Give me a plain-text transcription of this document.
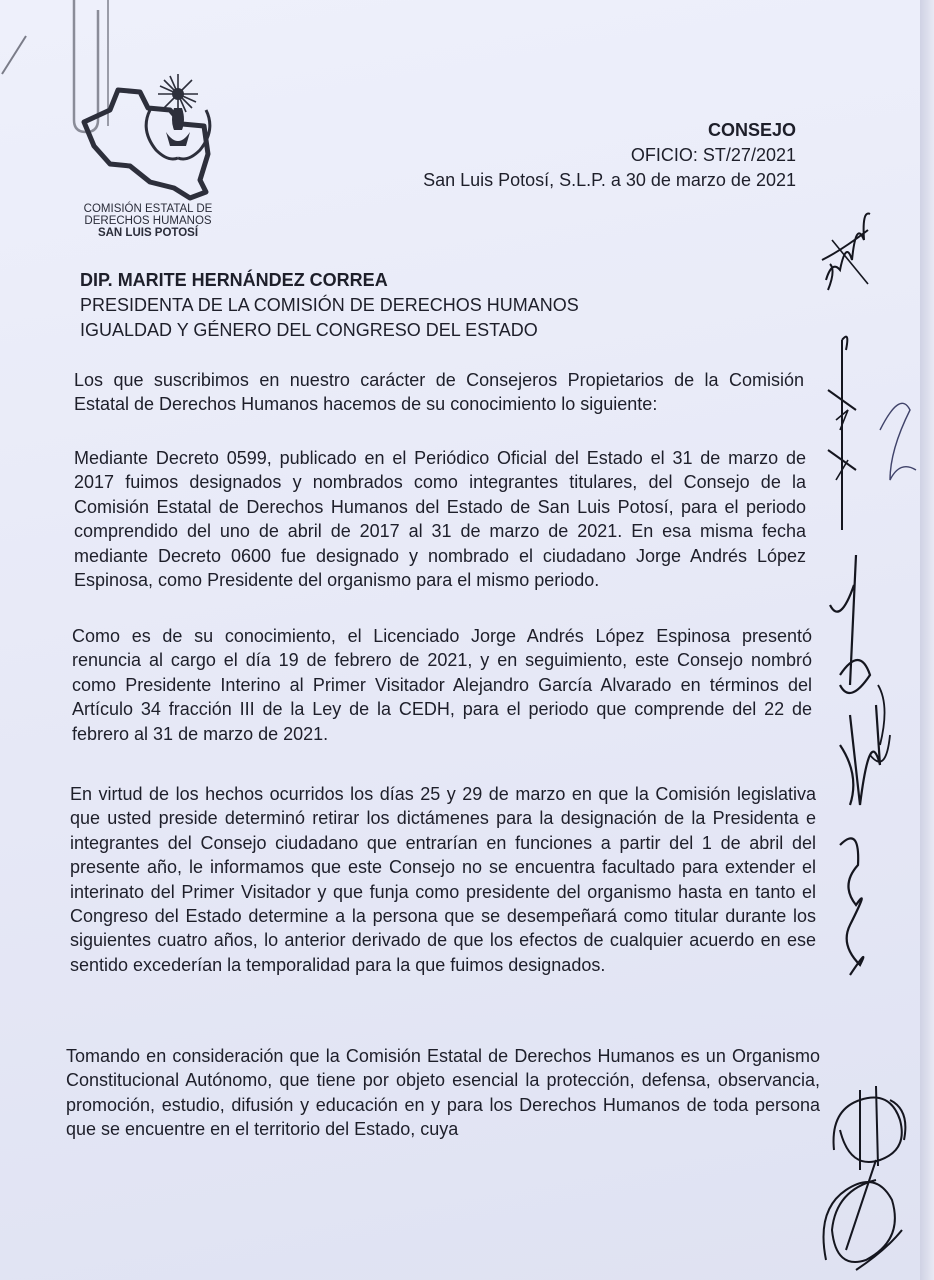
COMISIÓN ESTATAL DE
DERECHOS HUMANOS
SAN LUIS POTOSÍ

CONSEJO
OFICIO: ST/27/2021
San Luis Potosí, S.L.P. a 30 de marzo de 2021
DIP. MARITE HERNÁNDEZ CORREA
PRESIDENTA DE LA COMISIÓN DE DERECHOS HUMANOS
IGUALDAD Y GÉNERO DEL CONGRESO DEL ESTADO
Los que suscribimos en nuestro carácter de Consejeros Propietarios de la Comisión Estatal de Derechos Humanos hacemos de su conocimiento lo siguiente:
Mediante Decreto 0599, publicado en el Periódico Oficial del Estado el 31 de marzo de 2017 fuimos designados y nombrados como integrantes titulares, del Consejo de la Comisión Estatal de Derechos Humanos del Estado de San Luis Potosí, para el periodo comprendido del uno de abril de 2017 al 31 de marzo de 2021. En esa misma fecha mediante Decreto 0600 fue designado y nombrado el ciudadano Jorge Andrés López Espinosa, como Presidente del organismo para el mismo periodo.
Como es de su conocimiento, el Licenciado Jorge Andrés López Espinosa presentó renuncia al cargo el día 19 de febrero de 2021, y en seguimiento, este Consejo nombró como Presidente Interino al Primer Visitador Alejandro García Alvarado en términos del Artículo 34 fracción III de la Ley de la CEDH, para el periodo que comprende del 22 de febrero al 31 de marzo de 2021.
En virtud de los hechos ocurridos los días 25 y 29 de marzo en que la Comisión legislativa que usted preside determinó retirar los dictámenes para la designación de la Presidenta e integrantes del Consejo ciudadano que entrarían en funciones a partir del 1 de abril del presente año, le informamos que este Consejo no se encuentra facultado para extender el interinato del Primer Visitador y que funja como presidente del organismo hasta en tanto el Congreso del Estado determine a la persona que se desempeñará como titular durante los siguientes cuatro años, lo anterior derivado de que los efectos de cualquier acuerdo en ese sentido excederían la temporalidad para la que fuimos designados.
Tomando en consideración que la Comisión Estatal de Derechos Humanos es un Organismo Constitucional Autónomo, que tiene por objeto esencial la protección, defensa, observancia, promoción, estudio, difusión y educación en y para los Derechos Humanos de toda persona que se encuentre en el territorio del Estado, cuya
